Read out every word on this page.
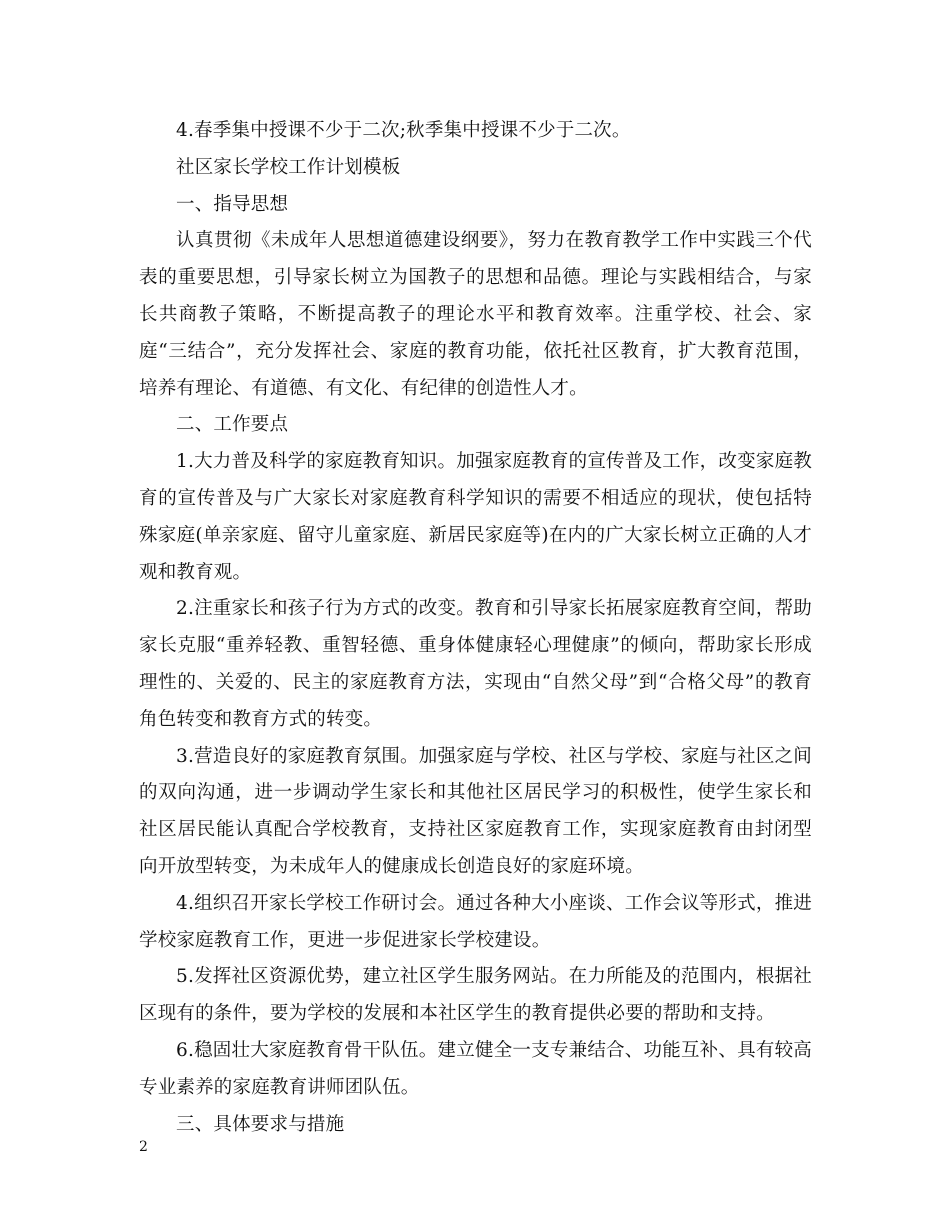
4.春季集中授课不少于二次;秋季集中授课不少于二次。

社区家长学校工作计划模板

一、指导思想

认真贯彻《未成年人思想道德建设纲要》，努力在教育教学工作中实践三个代表的重要思想，引导家长树立为国教子的思想和品德。理论与实践相结合，与家长共商教子策略，不断提高教子的理论水平和教育效率。注重学校、社会、家庭“三结合”，充分发挥社会、家庭的教育功能，依托社区教育，扩大教育范围，培养有理论、有道德、有文化、有纪律的创造性人才。

二、工作要点

1.大力普及科学的家庭教育知识。加强家庭教育的宣传普及工作，改变家庭教育的宣传普及与广大家长对家庭教育科学知识的需要不相适应的现状，使包括特殊家庭(单亲家庭、留守儿童家庭、新居民家庭等)在内的广大家长树立正确的人才观和教育观。

2.注重家长和孩子行为方式的改变。教育和引导家长拓展家庭教育空间，帮助家长克服“重养轻教、重智轻德、重身体健康轻心理健康”的倾向，帮助家长形成理性的、关爱的、民主的家庭教育方法，实现由“自然父母”到“合格父母”的教育角色转变和教育方式的转变。

3.营造良好的家庭教育氛围。加强家庭与学校、社区与学校、家庭与社区之间的双向沟通，进一步调动学生家长和其他社区居民学习的积极性，使学生家长和社区居民能认真配合学校教育，支持社区家庭教育工作，实现家庭教育由封闭型向开放型转变，为未成年人的健康成长创造良好的家庭环境。

4.组织召开家长学校工作研讨会。通过各种大小座谈、工作会议等形式，推进学校家庭教育工作，更进一步促进家长学校建设。

5.发挥社区资源优势，建立社区学生服务网站。在力所能及的范围内，根据社区现有的条件，要为学校的发展和本社区学生的教育提供必要的帮助和支持。

6.稳固壮大家庭教育骨干队伍。建立健全一支专兼结合、功能互补、具有较高专业素养的家庭教育讲师团队伍。

三、具体要求与措施

2
